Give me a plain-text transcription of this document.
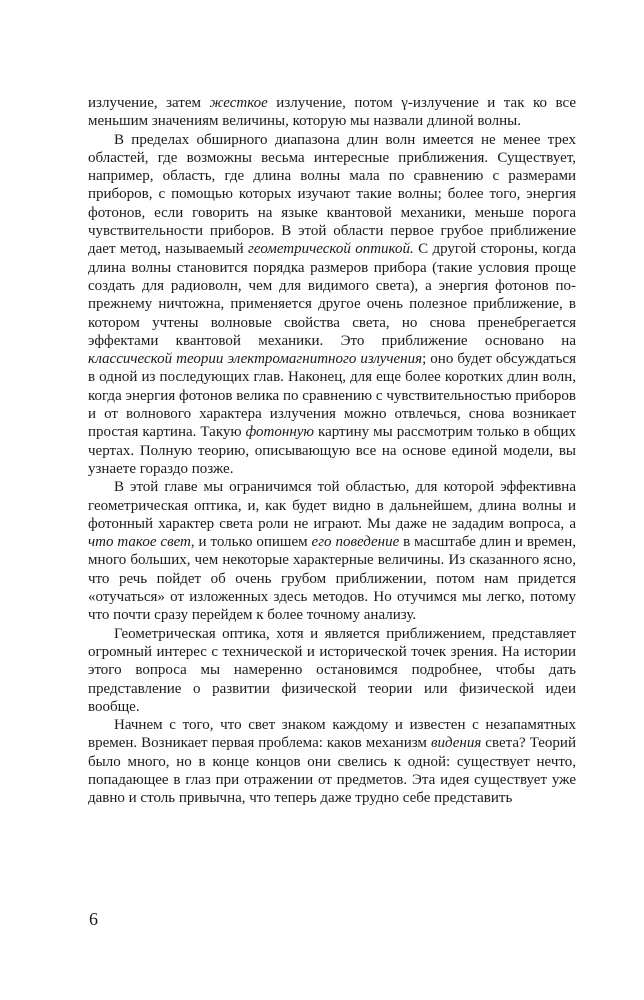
излучение, затем жесткое излучение, потом γ-излучение и так ко все меньшим значениям величины, которую мы назвали длиной волны.

В пределах обширного диапазона длин волн имеется не менее трех областей, где возможны весьма интересные приближения. Существует, например, область, где длина волны мала по сравнению с размерами приборов, с помощью которых изучают такие волны; более того, энергия фотонов, если говорить на языке квантовой механики, меньше порога чувствительности приборов. В этой области первое грубое приближение дает метод, называемый геометрической оптикой. С другой стороны, когда длина волны становится порядка размеров прибора (такие условия проще создать для радиоволн, чем для видимого света), а энергия фотонов по-прежнему ничтожна, применяется другое очень полезное приближение, в котором учтены волновые свойства света, но снова пренебрегается эффектами квантовой механики. Это приближение основано на классической теории электромагнитного излучения; оно будет обсуждаться в одной из последующих глав. Наконец, для еще более коротких длин волн, когда энергия фотонов велика по сравнению с чувствительностью приборов и от волнового характера излучения можно отвлечься, снова возникает простая картина. Такую фотонную картину мы рассмотрим только в общих чертах. Полную теорию, описывающую все на основе единой модели, вы узнаете гораздо позже.

В этой главе мы ограничимся той областью, для которой эффективна геометрическая оптика, и, как будет видно в дальнейшем, длина волны и фотонный характер света роли не играют. Мы даже не зададим вопроса, а что такое свет, и только опишем его поведение в масштабе длин и времен, много больших, чем некоторые характерные величины. Из сказанного ясно, что речь пойдет об очень грубом приближении, потом нам придется «отучаться» от изложенных здесь методов. Но отучимся мы легко, потому что почти сразу перейдем к более точному анализу.

Геометрическая оптика, хотя и является приближением, представляет огромный интерес с технической и исторической точек зрения. На истории этого вопроса мы намеренно остановимся подробнее, чтобы дать представление о развитии физической теории или физической идеи вообще.

Начнем с того, что свет знаком каждому и известен с незапамятных времен. Возникает первая проблема: каков механизм видения света? Теорий было много, но в конце концов они свелись к одной: существует нечто, попадающее в глаз при отражении от предметов. Эта идея существует уже давно и столь привычна, что теперь даже трудно себе представить

6
